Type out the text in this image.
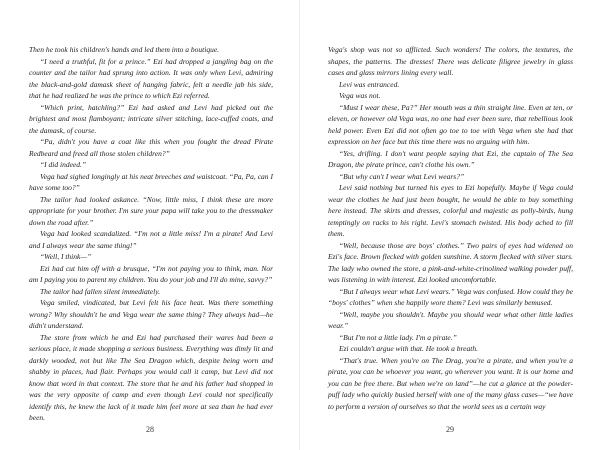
Then he took his children's hands and led them into a boutique.

“I need a truthful, fit for a prince.” Ezi had dropped a jangling bag on the counter and the tailor had sprung into action. It was only when Levi, admiring the black-and-gold damask sheet of hanging fabric, felt a needle jab his side, that he had realized he was the prince to which Ezi referred.

“Which print, hatchling?” Ezi had asked and Levi had picked out the brightest and most flamboyant; intricate silver stitching, lace-cuffed coats, and the damask, of course.

“Pa, didn't you have a coat like this when you fought the dread Pirate Redbeard and freed all those stolen children?”

“I did indeed.”

Vega had sighed longingly at his neat breeches and waistcoat. “Pa, Pa, can I have some too?”

The tailor had looked askance. “Now, little miss, I think these are more appropriate for your brother. I'm sure your papa will take you to the dressmaker down the road after.”

Vega had looked scandalized. “I'm not a little miss! I'm a pirate! And Levi and I always wear the same thing!”

“Well, I think—”

Ezi had cut him off with a brusque, “I'm not paying you to think, man. Nor am I paying you to parent my children. You do your job and I'll do mine, savvy?”

The tailor had fallen silent immediately.

Vega smiled, vindicated, but Levi felt his face heat. Was there something wrong? Why shouldn't he and Vega wear the same thing? They always had—he didn't understand.

The store from which he and Ezi had purchased their wares had been a serious place, it made shopping a serious business. Everything was dimly lit and darkly wooded, not but like The Sea Dragon which, despite being worn and shabby in places, had flair. Perhaps you would call it camp, but Levi did not know that word in that context. The store that he and his father had shopped in was the very opposite of camp and even though Levi could not specifically identify this, he knew the lack of it made him feel more at sea than he had ever been.

28

Vega's shop was not so afflicted. Such wonders! The colors, the textures, the shapes, the patterns. The dresses! There was delicate filigree jewelry in glass cases and glass mirrors lining every wall.

Levi was entranced.

Vega was not.

“Must I wear these, Pa?” Her mouth was a thin straight line. Even at ten, or eleven, or however old Vega was, no one had ever been sure, that rebellious look held power. Even Ezi did not often go toe to toe with Vega when she had that expression on her face but this time there was no arguing with him.

“Yes, drifling. I don't want people saying that Ezi, the captain of The Sea Dragon, the pirate prince, can't clothe his own.”

“But why can't I wear what Levi wears?”

Levi said nothing but turned his eyes to Ezi hopefully. Maybe if Vega could wear the clothes he had just been bought, he would be able to buy something here instead. The skirts and dresses, colorful and majestic as polly-birds, hung temptingly on racks to his right. Levi's stomach twisted. His body ached to fill them.

“Well, because those are boys' clothes.” Two pairs of eyes had widened on Ezi's face. Brown flecked with golden sunshine. A storm flecked with silver stars. The lady who owned the store, a pink-and-white-crinolined walking powder puff, was listening in with interest. Ezi looked uncomfortable.

“But I always wear what Levi wears.” Vega was confused. How could they be “boys' clothes” when she happily wore them? Levi was similarly bemused.

“Well, maybe you shouldn't. Maybe you should wear what other little ladies wear.”

“But I'm not a little lady. I'm a pirate.”

Ezi couldn't argue with that. He took a breath.

“That's true. When you're on The Drag, you're a pirate, and when you're a pirate, you can be whoever you want, go wherever you want. It is our home and you can be free there. But when we're on land”—he cut a glance at the powder-puff lady who quickly busied herself with one of the many glass cases—“we have to perform a version of ourselves so that the world sees us a certain way

29
